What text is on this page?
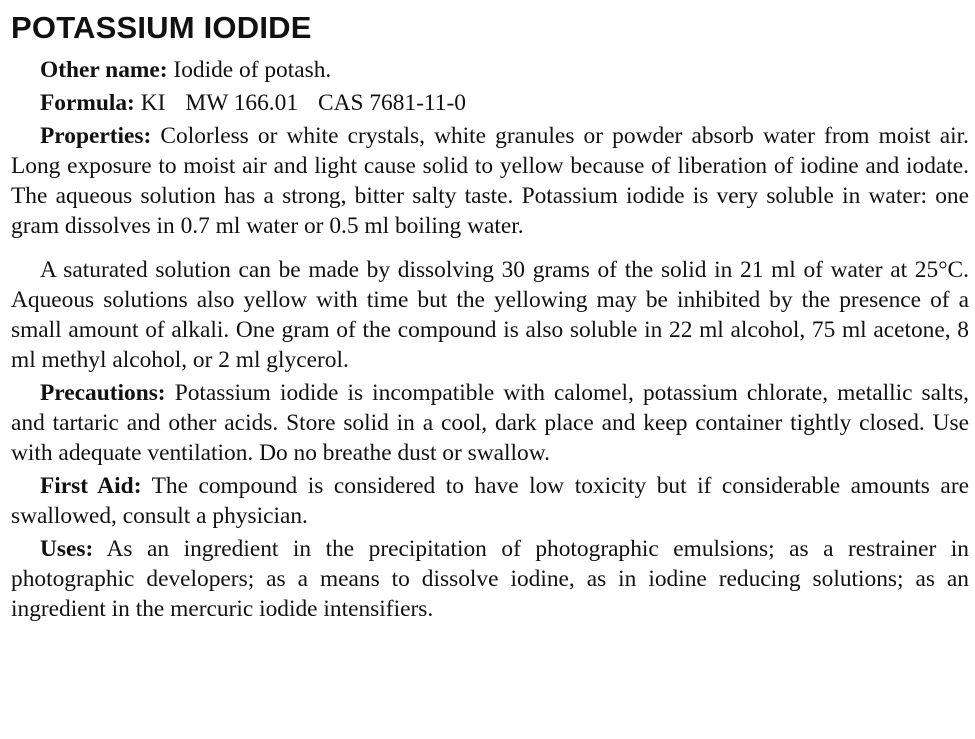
POTASSIUM IODIDE

Other name: Iodide of potash.

Formula: KI MW 166.01 CAS 7681-11-0

Properties: Colorless or white crystals, white granules or powder absorb water from moist air. Long exposure to moist air and light cause solid to yellow because of liberation of iodine and iodate. The aqueous solution has a strong, bitter salty taste. Potassium iodide is very soluble in water: one gram dissolves in 0.7 ml water or 0.5 ml boiling water.

A saturated solution can be made by dissolving 30 grams of the solid in 21 ml of water at 25°C. Aqueous solutions also yellow with time but the yellowing may be inhibited by the presence of a small amount of alkali. One gram of the compound is also soluble in 22 ml alcohol, 75 ml acetone, 8 ml methyl alcohol, or 2 ml glycerol.

Precautions: Potassium iodide is incompatible with calomel, potassium chlorate, metallic salts, and tartaric and other acids. Store solid in a cool, dark place and keep container tightly closed. Use with adequate ventilation. Do no breathe dust or swallow.

First Aid: The compound is considered to have low toxicity but if considerable amounts are swallowed, consult a physician.

Uses: As an ingredient in the precipitation of photographic emulsions; as a restrainer in photographic developers; as a means to dissolve iodine, as in iodine reducing solutions; as an ingredient in the mercuric iodide intensifiers.
